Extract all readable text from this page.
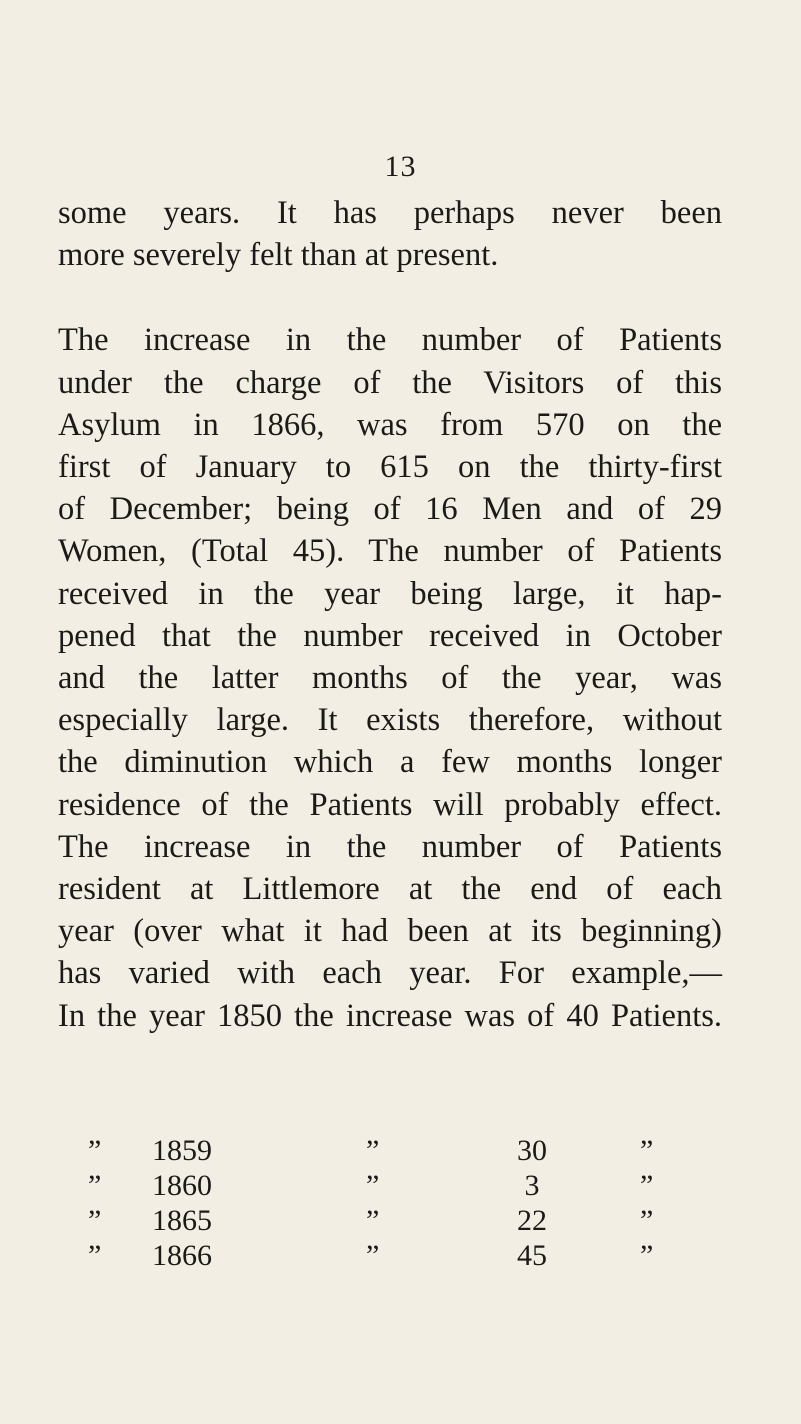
13
some years. It has perhaps never been
more severely felt than at present.
The increase in the number of Patients
under the charge of the Visitors of this
Asylum in 1866, was from 570 on the
first of January to 615 on the thirty-first
of December; being of 16 Men and of 29
Women, (Total 45). The number of Patients
received in the year being large, it hap-
pened that the number received in October
and the latter months of the year, was
especially large. It exists therefore, without
the diminution which a few months longer
residence of the Patients will probably effect.
The increase in the number of Patients
resident at Littlemore at the end of each
year (over what it had been at its beginning)
has varied with each year. For example,—
In the year 1850 the increase was of 40 Patients.
” 1859	”	30	”
” 1860	”	3	”
” 1865	”	22	”
” 1866	”	45	”
